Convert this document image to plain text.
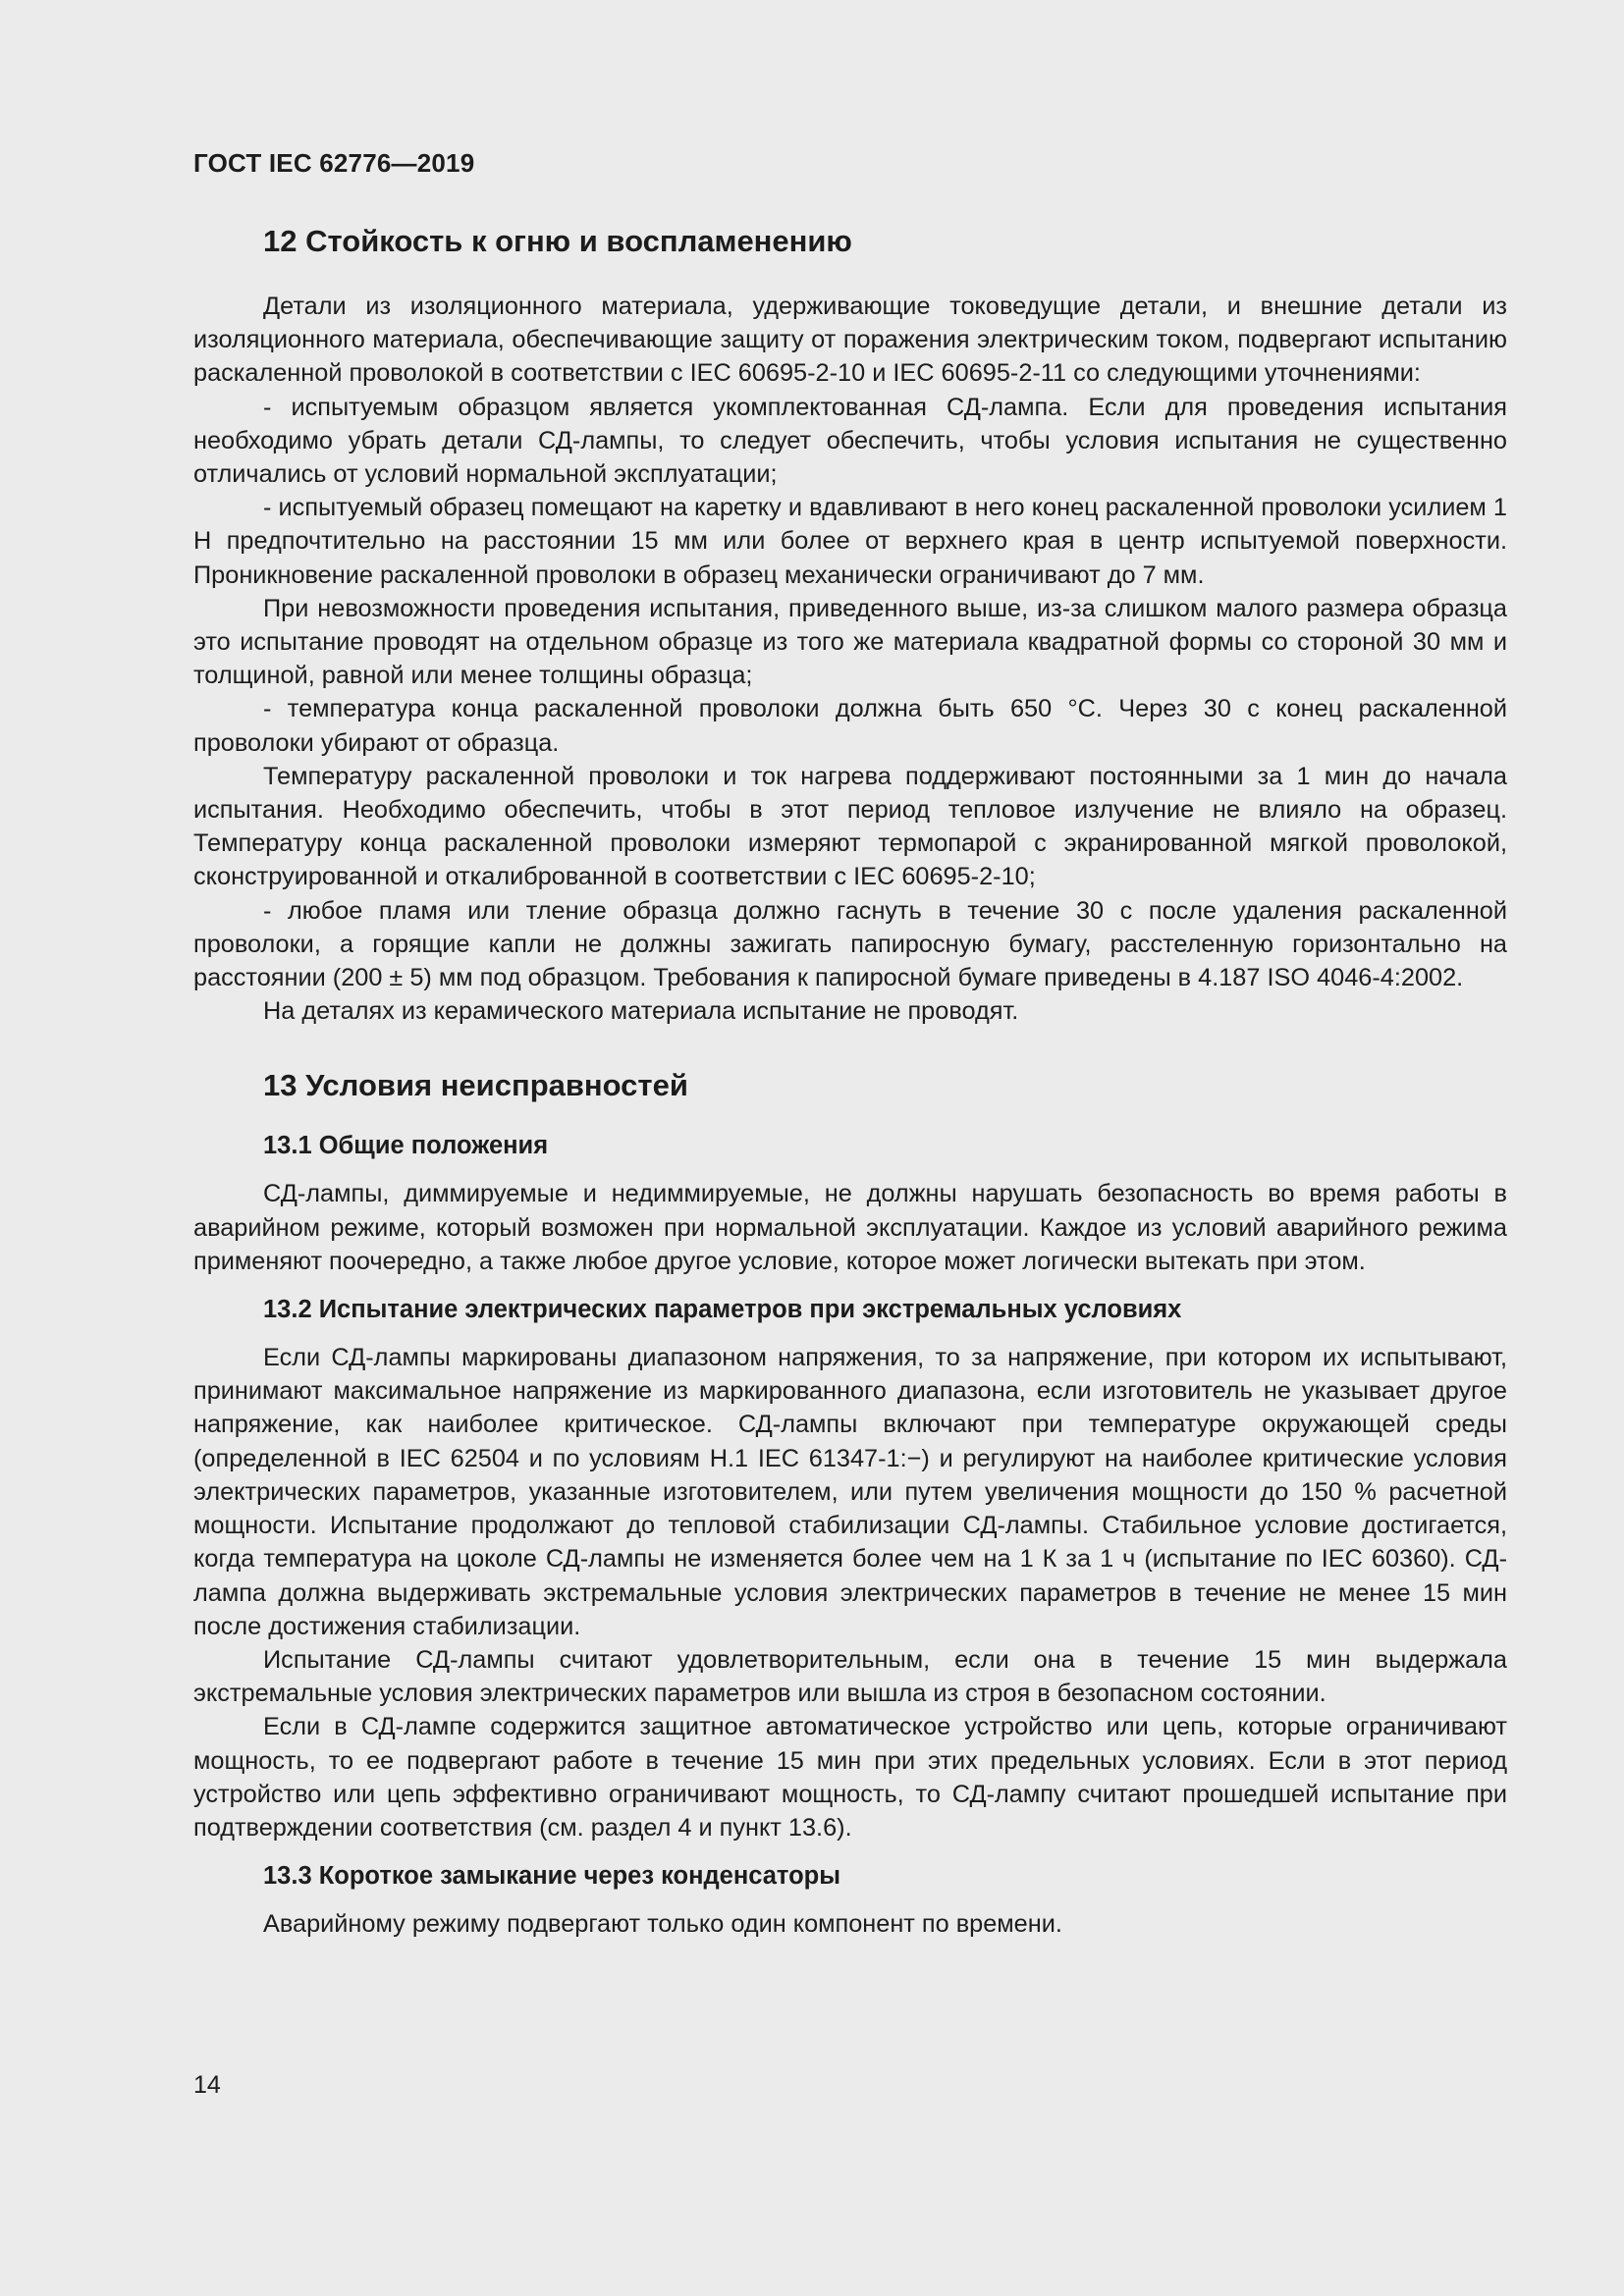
ГОСТ IEC 62776—2019
12 Стойкость к огню и воспламенению

Детали из изоляционного материала, удерживающие токоведущие детали, и внешние детали из изоляционного материала, обеспечивающие защиту от поражения электрическим током, подвергают испытанию раскаленной проволокой в соответствии с IEC 60695-2-10 и IEC 60695-2-11 со следующими уточнениями:

- испытуемым образцом является укомплектованная СД-лампа. Если для проведения испытания необходимо убрать детали СД-лампы, то следует обеспечить, чтобы условия испытания не существенно отличались от условий нормальной эксплуатации;

- испытуемый образец помещают на каретку и вдавливают в него конец раскаленной проволоки усилием 1 Н предпочтительно на расстоянии 15 мм или более от верхнего края в центр испытуемой поверхности. Проникновение раскаленной проволоки в образец механически ограничивают до 7 мм.

При невозможности проведения испытания, приведенного выше, из-за слишком малого размера образца это испытание проводят на отдельном образце из того же материала квадратной формы со стороной 30 мм и толщиной, равной или менее толщины образца;

- температура конца раскаленной проволоки должна быть 650 °С. Через 30 с конец раскаленной проволоки убирают от образца.

Температуру раскаленной проволоки и ток нагрева поддерживают постоянными за 1 мин до начала испытания. Необходимо обеспечить, чтобы в этот период тепловое излучение не влияло на образец. Температуру конца раскаленной проволоки измеряют термопарой с экранированной мягкой проволокой, сконструированной и откалиброванной в соответствии с IEC 60695-2-10;

- любое пламя или тление образца должно гаснуть в течение 30 с после удаления раскаленной проволоки, а горящие капли не должны зажигать папиросную бумагу, расстеленную горизонтально на расстоянии (200 ± 5) мм под образцом. Требования к папиросной бумаге приведены в 4.187 ISO 4046-4:2002.

На деталях из керамического материала испытание не проводят.

13 Условия неисправностей
13.1 Общие положения

СД-лампы, диммируемые и недиммируемые, не должны нарушать безопасность во время работы в аварийном режиме, который возможен при нормальной эксплуатации. Каждое из условий аварийного режима применяют поочередно, а также любое другое условие, которое может логически вытекать при этом.

13.2 Испытание электрических параметров при экстремальных условиях

Если СД-лампы маркированы диапазоном напряжения, то за напряжение, при котором их испытывают, принимают максимальное напряжение из маркированного диапазона, если изготовитель не указывает другое напряжение, как наиболее критическое. СД-лампы включают при температуре окружающей среды (определенной в IEC 62504 и по условиям Н.1 IEC 61347-1:−) и регулируют на наиболее критические условия электрических параметров, указанные изготовителем, или путем увеличения мощности до 150 % расчетной мощности. Испытание продолжают до тепловой стабилизации СД-лампы. Стабильное условие достигается, когда температура на цоколе СД-лампы не изменяется более чем на 1 К за 1 ч (испытание по IEC 60360). СД-лампа должна выдерживать экстремальные условия электрических параметров в течение не менее 15 мин после достижения стабилизации.

Испытание СД-лампы считают удовлетворительным, если она в течение 15 мин выдержала экстремальные условия электрических параметров или вышла из строя в безопасном состоянии.

Если в СД-лампе содержится защитное автоматическое устройство или цепь, которые ограничивают мощность, то ее подвергают работе в течение 15 мин при этих предельных условиях. Если в этот период устройство или цепь эффективно ограничивают мощность, то СД-лампу считают прошедшей испытание при подтверждении соответствия (см. раздел 4 и пункт 13.6).

13.3 Короткое замыкание через конденсаторы

Аварийному режиму подвергают только один компонент по времени.

14
